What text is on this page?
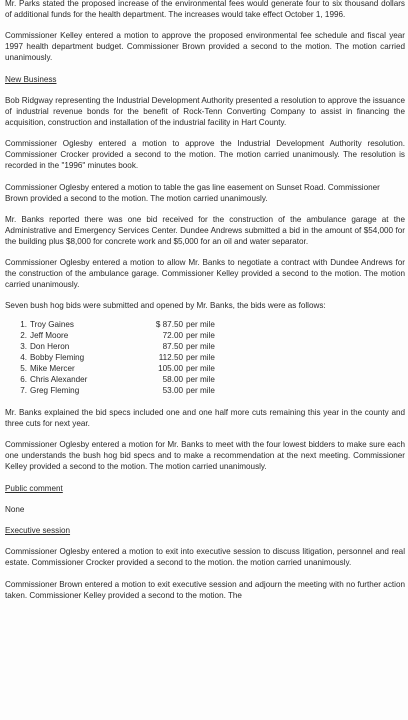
Mr. Parks stated the proposed increase of the environmental fees would generate four to six thousand dollars of additional funds for the health department. The increases would take effect October 1, 1996.

Commissioner Kelley entered a motion to approve the proposed environmental fee schedule and fiscal year 1997 health department budget. Commissioner Brown provided a second to the motion. The motion carried unanimously.

New Business

Bob Ridgway representing the Industrial Development Authority presented a resolution to approve the issuance of industrial revenue bonds for the benefit of Rock-Tenn Converting Company to assist in financing the acquisition, construction and installation of the industrial facility in Hart County.

Commissioner Oglesby entered a motion to approve the Industrial Development Authority resolution. Commissioner Crocker provided a second to the motion. The motion carried unanimously. The resolution is recorded in the "1996" minutes book.

Commissioner Oglesby entered a motion to table the gas line easement on Sunset Road. Commissioner Brown provided a second to the motion. The motion carried unanimously.

Mr. Banks reported there was one bid received for the construction of the ambulance garage at the Administrative and Emergency Services Center. Dundee Andrews submitted a bid in the amount of $54,000 for the building plus $8,000 for concrete work and $5,000 for an oil and water separator.

Commissioner Oglesby entered a motion to allow Mr. Banks to negotiate a contract with Dundee Andrews for the construction of the ambulance garage. Commissioner Kelley provided a second to the motion. The motion carried unanimously.

Seven bush hog bids were submitted and opened by Mr. Banks, the bids were as follows:

1.	Troy Gaines	$ 87.50	per mile
2.	Jeff Moore	72.00	per mile
3.	Don Heron	87.50	per mile
4.	Bobby Fleming	112.50	per mile
5.	Mike Mercer	105.00	per mile
6.	Chris Alexander	58.00	per mile
7.	Greg Fleming	53.00	per mile

Mr. Banks explained the bid specs included one and one half more cuts remaining this year in the county and three cuts for next year.

Commissioner Oglesby entered a motion for Mr. Banks to meet with the four lowest bidders to make sure each one understands the bush hog bid specs and to make a recommendation at the next meeting. Commissioner Kelley provided a second to the motion. The motion carried unanimously.

Public comment

None

Executive session

Commissioner Oglesby entered a motion to exit into executive session to discuss litigation, personnel and real estate. Commissioner Crocker provided a second to the motion. the motion carried unanimously.

Commissioner Brown entered a motion to exit executive session and adjourn the meeting with no further action taken. Commissioner Kelley provided a second to the motion. The
